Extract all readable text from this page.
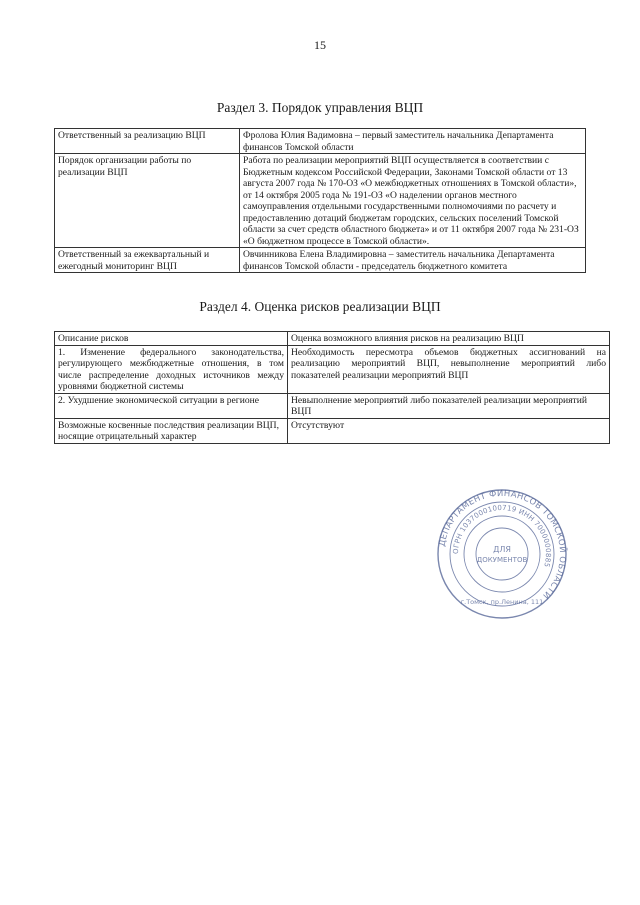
15
Раздел 3. Порядок управления ВЦП
Ответственный за реализацию ВЦП	Фролова Юлия Вадимовна – первый заместитель начальника Департамента финансов Томской области
Порядок организации работы по реализации ВЦП	Работа по реализации мероприятий ВЦП осуществляется в соответствии с Бюджетным кодексом Российской Федерации, Законами Томской области от 13 августа 2007 года № 170-ОЗ «О межбюджетных отношениях в Томской области», от 14 октября 2005 года № 191-ОЗ «О наделении органов местного самоуправления отдельными государственными полномочиями по расчету и предоставлению дотаций бюджетам городских, сельских поселений Томской области за счет средств областного бюджета» и от 11 октября 2007 года № 231-ОЗ «О бюджетном процессе в Томской области».
Ответственный за ежеквартальный и ежегодный мониторинг ВЦП	Овчинникова Елена Владимировна – заместитель начальника Департамента финансов Томской области - председатель бюджетного комитета
Раздел 4. Оценка рисков реализации ВЦП
Описание рисков	Оценка возможного влияния рисков на реализацию ВЦП
1. Изменение федерального законодательства, регулирующего межбюджетные отношения, в том числе распределение доходных источников между уровнями бюджетной системы	Необходимость пересмотра объемов бюджетных ассигнований на реализацию мероприятий ВЦП, невыполнение мероприятий либо показателей реализации мероприятий ВЦП
2. Ухудшение экономической ситуации в регионе	Невыполнение мероприятий либо показателей реализации мероприятий ВЦП
Возможные косвенные последствия реализации ВЦП, носящие отрицательный характер	Отсутствуют
ДЕПАРТАМЕНТ ФИНАНСОВ ТОМСКОЙ ОБЛАСТИ
ОГРН 1037000100719 ИНН 7000000885
г.Томск, пр.Ленина, 111
ДЛЯ
ДОКУМЕНТОВ
